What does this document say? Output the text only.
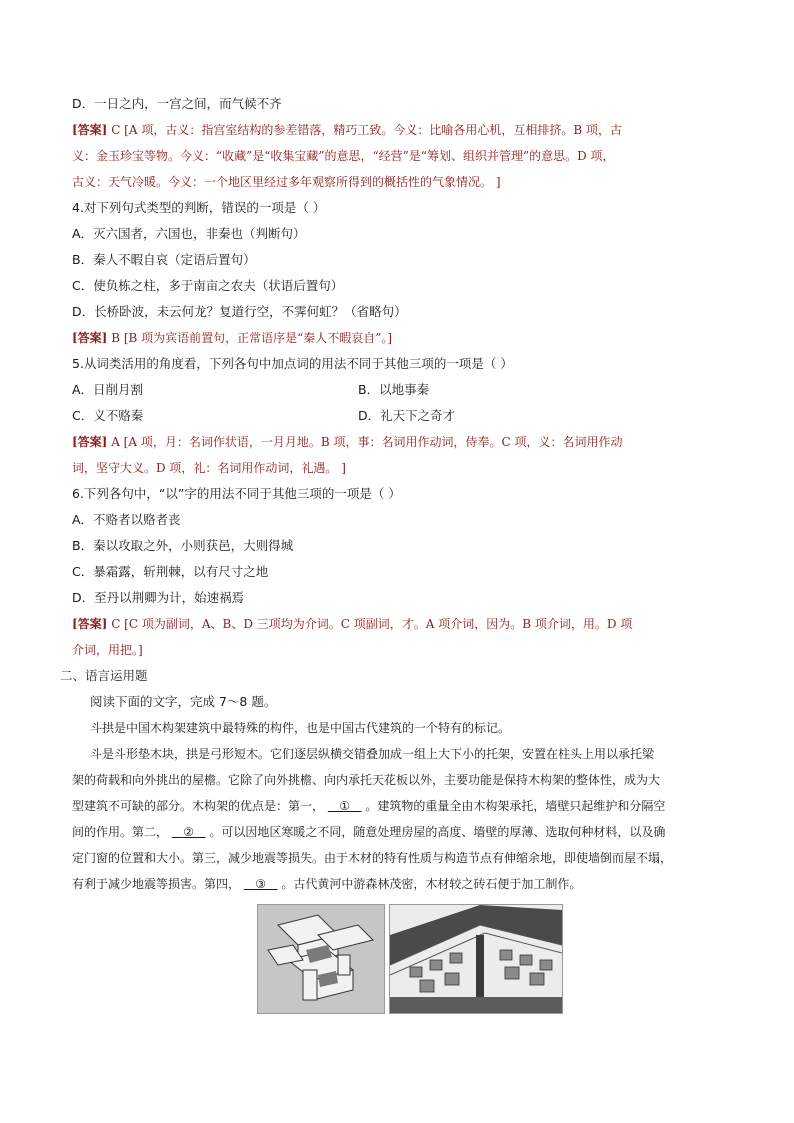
D．一日之内，一宫之间，而气候不齐
[答案] C [A 项，古义：指宫室结构的参差错落，精巧工致。今义：比喻各用心机，互相排挤。B 项，古
义：金玉珍宝等物。今义：“收藏”是“收集宝藏”的意思，“经营”是“筹划、组织并管理”的意思。D 项，
古义：天气冷暖。今义：一个地区里经过多年观察所得到的概括性的气象情况。 ]
4.对下列句式类型的判断，错误的一项是（ ）
A．灭六国者，六国也，非秦也（判断句）
B．秦人不暇自哀（定语后置句）
C．使负栋之柱，多于南亩之农夫（状语后置句）
D．长桥卧波，未云何龙？复道行空，不霁何虹？（省略句）
[答案] B [B 项为宾语前置句，正常语序是“秦人不暇哀自”。]
5.从词类活用的角度看，下列各句中加点词的用法不同于其他三项的一项是（ ）
A．日削月割	B．以地事秦
C．义不赂秦	D．礼天下之奇才
[答案] A [A 项，月：名词作状语，一月月地。B 项，事：名词用作动词，侍奉。C 项，义：名词用作动
词，坚守大义。D 项，礼：名词用作动词，礼遇。 ]
6.下列各句中，“以”字的用法不同于其他三项的一项是（ ）
A．不赂者以赂者丧
B．秦以攻取之外，小则获邑，大则得城
C．暴霜露，斩荆棘，以有尺寸之地
D．至丹以荆卿为计，始速祸焉
[答案] C [C 项为副词，A、B、D 三项均为介词。C 项副词，才。A 项介词，因为。B 项介词，用。D 项
介词，用把。]
二、语言运用题
阅读下面的文字，完成 7～8 题。
斗拱是中国木构架建筑中最特殊的构件，也是中国古代建筑的一个特有的标记。
斗是斗形垫木块，拱是弓形短木。它们逐层纵横交错叠加成一组上大下小的托架，安置在柱头上用以承托梁
架的荷载和向外挑出的屋檐。它除了向外挑檐、向内承托天花板以外，主要功能是保持木构架的整体性，成为大
型建筑不可缺的部分。木构架的优点是：第一， ① 。建筑物的重量全由木构架承托，墙壁只起维护和分隔空
间的作用。第二， ② 。可以因地区寒暖之不同，随意处理房屋的高度、墙壁的厚薄、选取何种材料，以及确
定门窗的位置和大小。第三，减少地震等损失。由于木材的特有性质与构造节点有伸缩余地，即使墙倒而屋不塌，
有利于减少地震等损害。第四， ③ 。古代黄河中游森林茂密，木材较之砖石便于加工制作。
